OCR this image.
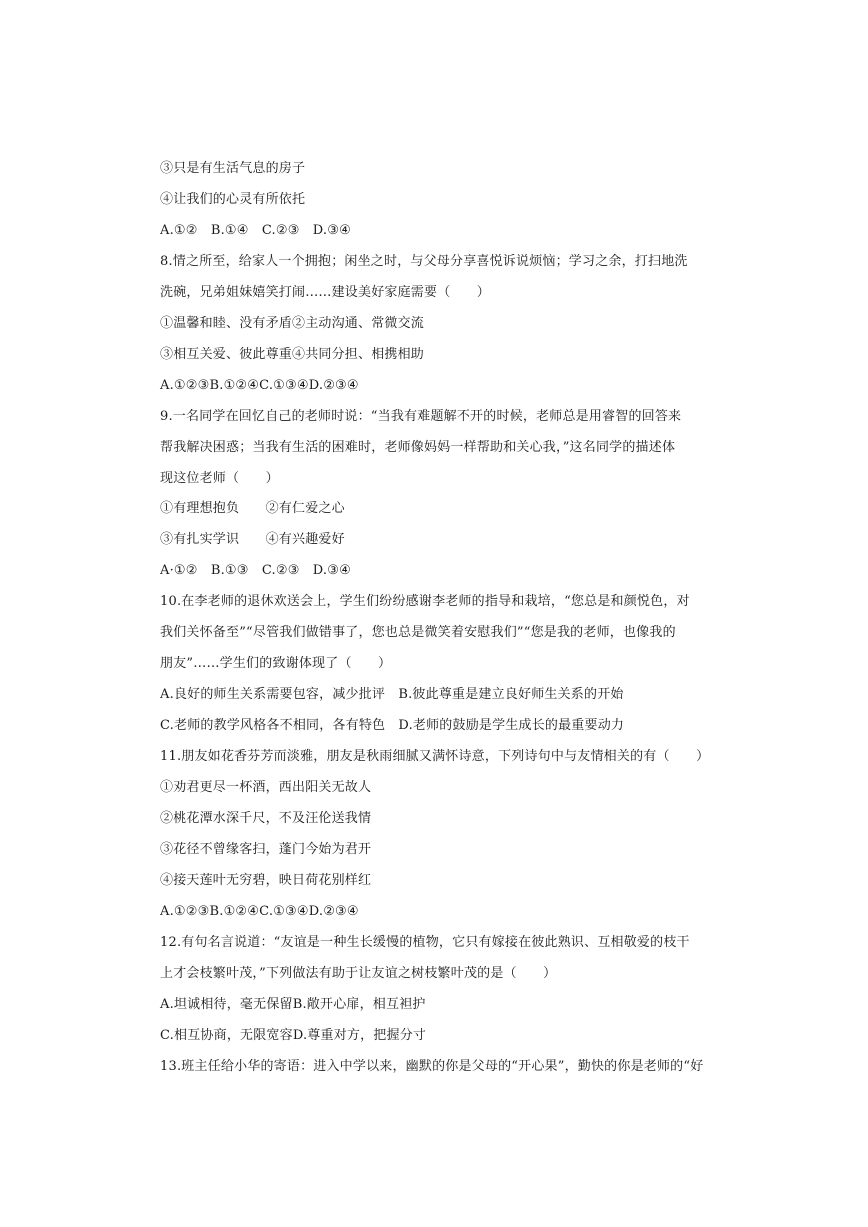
③只是有生活气息的房子
④让我们的心灵有所依托
A.①②　B.①④　C.②③　D.③④
8.情之所至，给家人一个拥抱；闲坐之时，与父母分享喜悦诉说烦恼；学习之余，打扫地洗
洗碗，兄弟姐妹嬉笑打闹……建设美好家庭需要（　　）
①温馨和睦、没有矛盾②主动沟通、常微交流
③相互关爱、彼此尊重④共同分担、相携相助
A.①②③B.①②④C.①③④D.②③④
9.一名同学在回忆自己的老师时说：“当我有难题解不开的时候，老师总是用睿智的回答来
帮我解决困惑；当我有生活的困难时，老师像妈妈一样帮助和关心我，”这名同学的描述体
现这位老师（　　）
①有理想抱负　　②有仁爱之心
③有扎实学识　　④有兴趣爱好
A·①②　B.①③　C.②③　D.③④
10.在李老师的退休欢送会上，学生们纷纷感谢李老师的指导和栽培，“您总是和颜悦色，对
我们关怀备至”“尽管我们做错事了，您也总是微笑着安慰我们”“您是我的老师，也像我的
朋友”……学生们的致谢体现了（　　）
A.良好的师生关系需要包容，减少批评　B.彼此尊重是建立良好师生关系的开始
C.老师的教学风格各不相同，各有特色　D.老师的鼓励是学生成长的最重要动力
11.朋友如花香芬芳而淡雅，朋友是秋雨细腻又满怀诗意，下列诗句中与友情相关的有（　　）
①劝君更尽一杯酒，西出阳关无故人
②桃花潭水深千尺，不及汪伦送我情
③花径不曾缘客扫，蓬门今始为君开
④接天莲叶无穷碧，映日荷花别样红
A.①②③B.①②④C.①③④D.②③④
12.有句名言说道：“友谊是一种生长缓慢的植物，它只有嫁接在彼此熟识、互相敬爱的枝干
上才会枝繁叶茂，”下列做法有助于让友谊之树枝繁叶茂的是（　　）
A.坦诚相待，毫无保留B.敞开心扉，相互袒护
C.相互协商，无限宽容D.尊重对方，把握分寸
13.班主任给小华的寄语：进入中学以来，幽默的你是父母的“开心果”，勤快的你是老师的“好
